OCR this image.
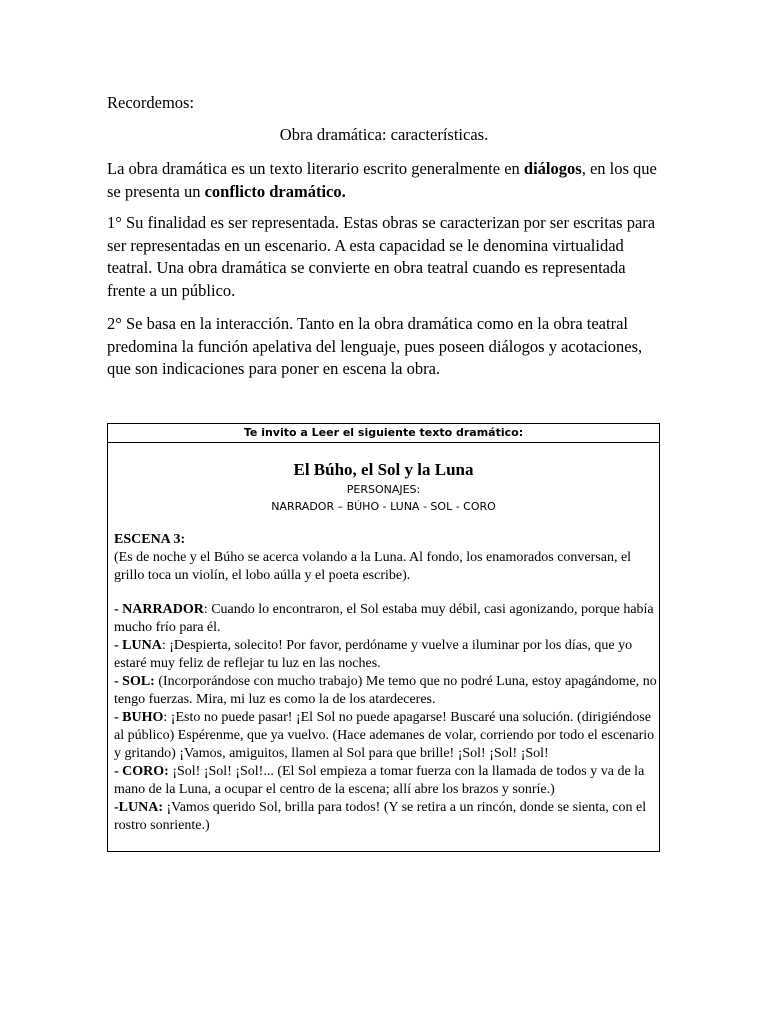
Recordemos:

Obra dramática: características.

La obra dramática es un texto literario escrito generalmente en diálogos, en los que se presenta un conflicto dramático.

1° Su finalidad es ser representada. Estas obras se caracterizan por ser escritas para ser representadas en un escenario. A esta capacidad se le denomina virtualidad teatral. Una obra dramática se convierte en obra teatral cuando es representada frente a un público.

2° Se basa en la interacción. Tanto en la obra dramática como en la obra teatral predomina la función apelativa del lenguaje, pues poseen diálogos y acotaciones, que son indicaciones para poner en escena la obra.

Te invito a Leer el siguiente texto dramático:
El Búho, el Sol y la Luna
PERSONAJES:
NARRADOR – BÚHO - LUNA - SOL - CORO
ESCENA 3:
(Es de noche y el Búho se acerca volando a la Luna. Al fondo, los enamorados conversan, el grillo toca un violín, el lobo aúlla y el poeta escribe).
- NARRADOR: Cuando lo encontraron, el Sol estaba muy débil, casi agonizando, porque había mucho frío para él.
- LUNA: ¡Despierta, solecito! Por favor, perdóname y vuelve a iluminar por los días, que yo estaré muy feliz de reflejar tu luz en las noches.
- SOL: (Incorporándose con mucho trabajo) Me temo que no podré Luna, estoy apagándome, no tengo fuerzas. Mira, mi luz es como la de los atardeceres.
- BUHO: ¡Esto no puede pasar! ¡El Sol no puede apagarse! Buscaré una solución. (dirigiéndose al público) Espérenme, que ya vuelvo. (Hace ademanes de volar, corriendo por todo el escenario y gritando) ¡Vamos, amiguitos, llamen al Sol para que brille! ¡Sol! ¡Sol! ¡Sol!
- CORO: ¡Sol! ¡Sol! ¡Sol!... (El Sol empieza a tomar fuerza con la llamada de todos y va de la mano de la Luna, a ocupar el centro de la escena; allí abre los brazos y sonríe.)
-LUNA: ¡Vamos querido Sol, brilla para todos! (Y se retira a un rincón, donde se sienta, con el rostro sonriente.)
